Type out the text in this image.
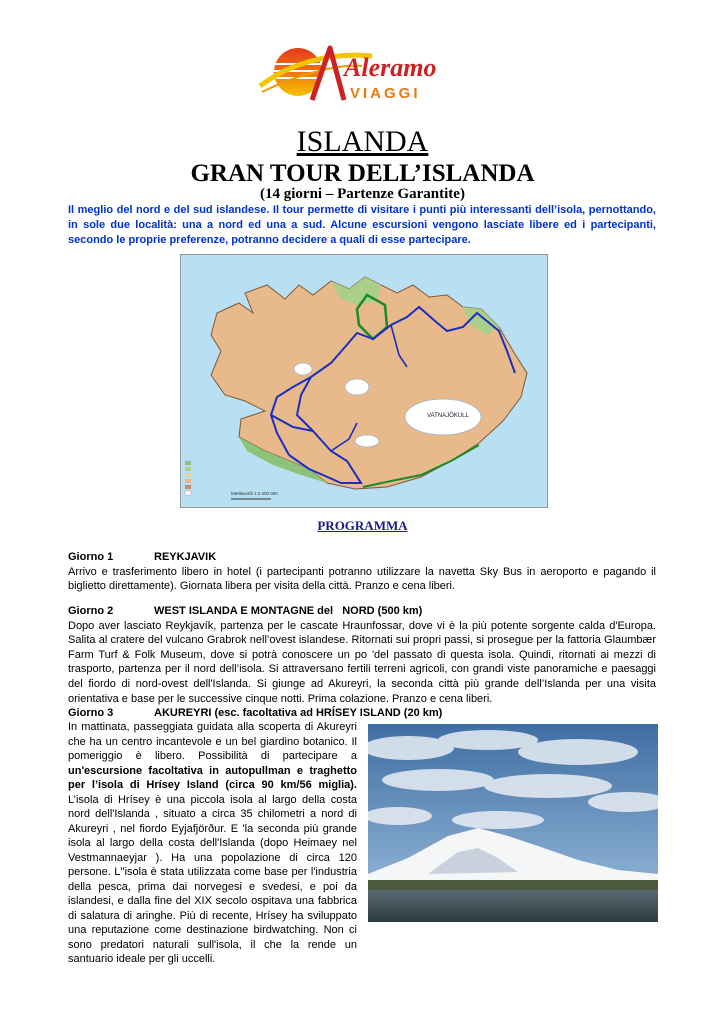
Aleramo
VIAGGI
ISLANDA
GRAN TOUR DELL’ISLANDA
(14 giorni – Partenze Garantite)
Il meglio del nord e del sud islandese. Il tour permette di visitare i punti più interessanti dell’isola, pernottando, in sole due località: una a nord ed una a sud. Alcune escursioni vengono lasciate libere ed i partecipanti, secondo le proprie preferenze, potranno decidere a quali di esse partecipare.
VATNAJÖKULL
Mælikvarði 1:2 500 000
PROGRAMMA
Giorno 1	REYKJAVIK
Arrivo e trasferimento libero in hotel (i partecipanti potranno utilizzare la navetta Sky Bus in aeroporto e pagando il biglietto direttamente). Giornata libera per visita della città. Pranzo e cena liberi.
Giorno 2	WEST ISLANDA E MONTAGNE del   NORD (500 km)
Dopo aver lasciato Reykjavík, partenza per le cascate Hraunfossar, dove vi è la più potente sorgente calda d'Europa. Salita al cratere del vulcano Grabrok nell’ovest islandese. Ritornati sui propri passi, si prosegue per la fattoria Glaumbær Farm Turf & Folk Museum, dove si potrà conoscere un po 'del passato di questa isola. Quindi, ritornati ai mezzi di trasporto, partenza per il nord dell’isola. Si attraversano fertili terreni agricoli, con grandi viste panoramiche e paesaggi del fiordo di nord-ovest dell'Islanda. Si giunge ad Akureyri, la seconda città più grande dell’Islanda per una visita orientativa e base per le successive cinque notti. Prima colazione. Pranzo e cena liberi.
Giorno 3	AKUREYRI (esc. facoltativa ad HRÍSEY ISLAND (20 km)
In mattinata, passeggiata guidata alla scoperta di Akureyri che ha un centro incantevole e un bel giardino botanico. Il pomeriggio è libero. Possibilità di partecipare a un'escursione facoltativa in autopullman e traghetto per l’isola di Hrísey Island (circa 90 km/56 miglia). L’isola di Hrísey è una piccola isola al largo della costa nord dell'Islanda , situato a circa 35 chilometri a nord di Akureyri , nel fiordo Eyjafjörður. E 'la seconda più grande isola al largo della costa dell'Islanda (dopo Heimaey nel Vestmannaeyjar ). Ha una popolazione di circa 120 persone. L''isola è stata utilizzata come base per l'industria della pesca, prima dai norvegesi e svedesi, e poi da islandesi, e dalla fine del XIX secolo ospitava una fabbrica di salatura di aringhe. Più di recente, Hrísey ha sviluppato una reputazione come destinazione birdwatching. Non ci sono predatori naturali sull'isola, il che la rende un santuario ideale per gli uccelli.
